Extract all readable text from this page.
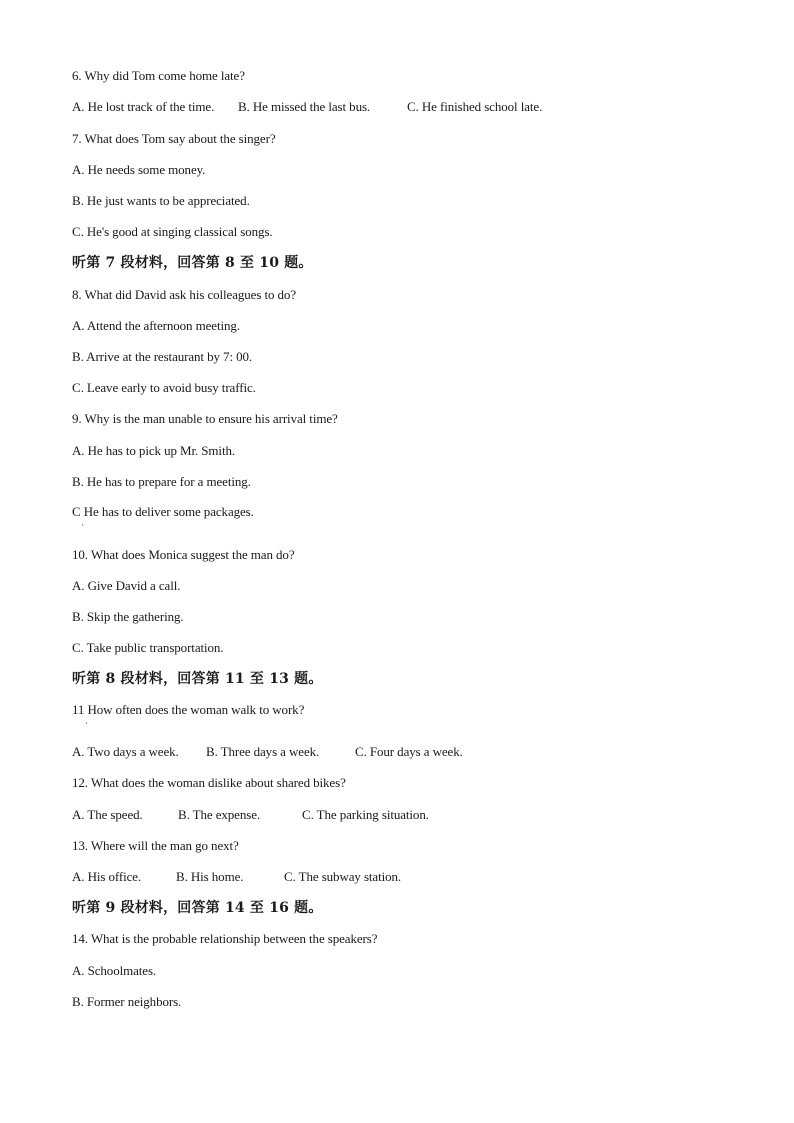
6. Why did Tom come home late?
A. He lost track of the time. B. He missed the last bus.	C. He finished school late.
7. What does Tom say about the singer?
A. He needs some money.
B. He just wants to be appreciated.
C. He's good at singing classical songs.
听第 7 段材料，回答第 8 至 10 题。
8. What did David ask his colleagues to do?
A. Attend the afternoon meeting.
B. Arrive at the restaurant by 7: 00.
C. Leave early to avoid busy traffic.
9. Why is the man unable to ensure his arrival time?
A. He has to pick up Mr. Smith.
B. He has to prepare for a meeting.
C He has to deliver some packages.
·
10. What does Monica suggest the man do?
A. Give David a call.
B. Skip the gathering.
C. Take public transportation.
听第 8 段材料，回答第 11 至 13 题。
11 How often does the woman walk to work?
·
A. Two days a week. B. Three days a week.	C. Four days a week.
12. What does the woman dislike about shared bikes?
A. The speed.	B. The expense.	C. The parking situation.
13. Where will the man go next?
A. His office.	B. His home.	C. The subway station.
听第 9 段材料，回答第 14 至 16 题。
14. What is the probable relationship between the speakers?
A. Schoolmates.
B. Former neighbors.
